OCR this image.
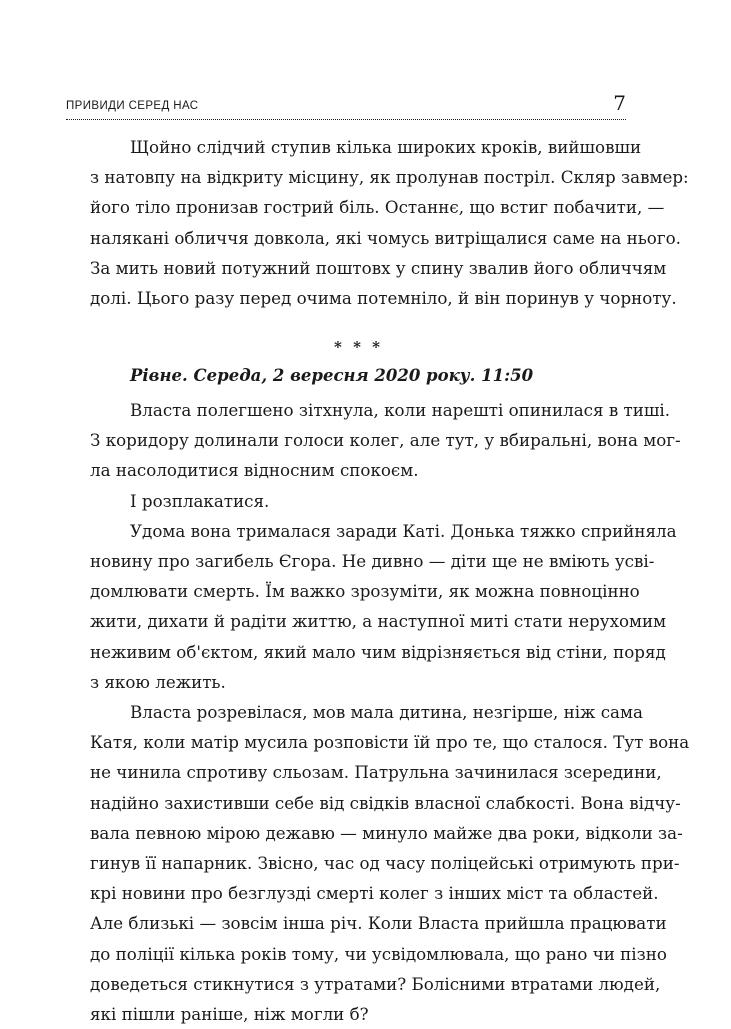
ПРИВИДИ СЕРЕД НАС	7
Щойно слідчий ступив кілька широких кроків, вийшовши
з натовпу на відкриту місцину, як пролунав постріл. Скляр завмер:
його тіло пронизав гострий біль. Останнє, що встиг побачити, —
налякані обличчя довкола, які чомусь витріщалися саме на нього.
За мить новий потужний поштовх у спину звалив його обличчям
долі. Цього разу перед очима потемніло, й він поринув у чорноту.
* * *
Рівне. Середа, 2 вересня 2020 року. 11:50
Власта полегшено зітхнула, коли нарешті опинилася в тиші.
З коридору долинали голоси колег, але тут, у вбиральні, вона мог-
ла насолодитися відносним спокоєм.
І розплакатися.
Удома вона трималася заради Каті. Донька тяжко сприйняла
новину про загибель Єгора. Не дивно — діти ще не вміють усві-
домлювати смерть. Їм важко зрозуміти, як можна повноцінно
жити, дихати й радіти життю, а наступної миті стати нерухомим
неживим об'єктом, який мало чим відрізняється від стіни, поряд
з якою лежить.
Власта розревілася, мов мала дитина, незгірше, ніж сама
Катя, коли матір мусила розповісти їй про те, що сталося. Тут вона
не чинила спротиву сльозам. Патрульна зачинилася зсередини,
надійно захистивши себе від свідків власної слабкості. Вона відчу-
вала певною мірою дежавю — минуло майже два роки, відколи за-
гинув її напарник. Звісно, час од часу поліцейські отримують при-
крі новини про безглузді смерті колег з інших міст та областей.
Але близькі — зовсім інша річ. Коли Власта прийшла працювати
до поліції кілька років тому, чи усвідомлювала, що рано чи пізно
доведеться стикнутися з утратами? Болісними втратами людей,
які пішли раніше, ніж могли б?
